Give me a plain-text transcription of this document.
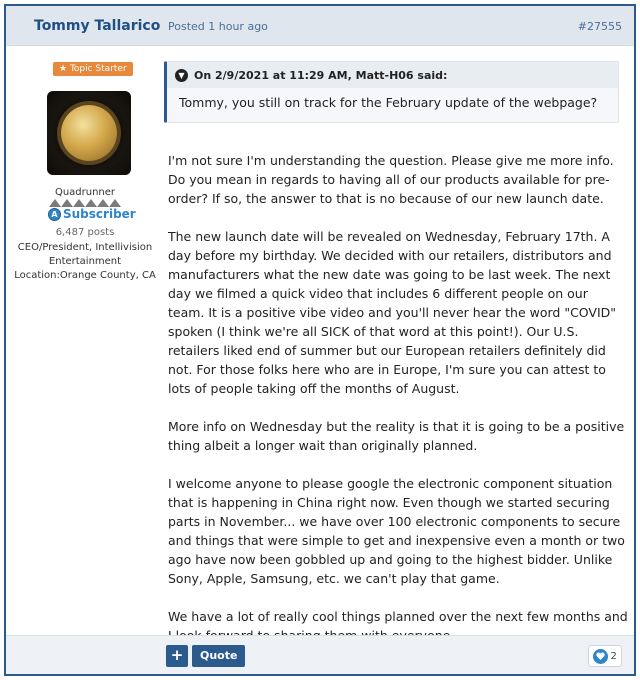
Tommy Tallarico Posted 1 hour ago	#27555
★ Topic Starter
Quadrunner
A Subscriber
6,487 posts
CEO/President, Intellivision Entertainment
Location:Orange County, CA
▼ On 2/9/2021 at 11:29 AM, Matt-H06 said:
Tommy, you still on track for the February update of the webpage?

I'm not sure I'm understanding the question. Please give me more info. Do you mean in regards to having all of our products available for pre-order? If so, the answer to that is no because of our new launch date.

The new launch date will be revealed on Wednesday, February 17th. A day before my birthday. We decided with our retailers, distributors and manufacturers what the new date was going to be last week. The next day we filmed a quick video that includes 6 different people on our team. It is a positive vibe video and you'll never hear the word "COVID" spoken (I think we're all SICK of that word at this point!). Our U.S. retailers liked end of summer but our European retailers definitely did not. For those folks here who are in Europe, I'm sure you can attest to lots of people taking off the months of August.

More info on Wednesday but the reality is that it is going to be a positive thing albeit a longer wait than originally planned.

I welcome anyone to please google the electronic component situation that is happening in China right now. Even though we started securing parts in November... we have over 100 electronic components to secure and things that were simple to get and inexpensive even a month or two ago have now been gobbled up and going to the highest bidder. Unlike Sony, Apple, Samsung, etc. we can't play that game.

We have a lot of really cool things planned over the next few months and

+	Quote	2
